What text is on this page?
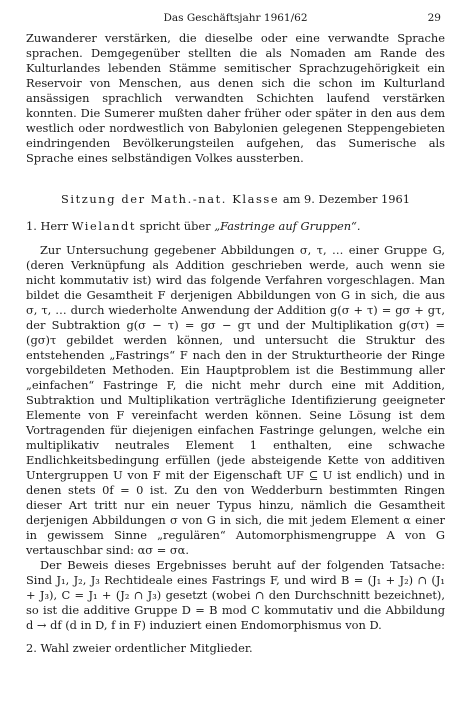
Das Geschäftsjahr 1961/62	29

Zuwanderer verstärken, die dieselbe oder eine verwandte Sprache sprachen. Demgegenüber stellten die als Nomaden am Rande des Kulturlandes lebenden Stämme semitischer Sprachzugehörigkeit ein Reservoir von Menschen, aus denen sich die schon im Kulturland ansässigen sprachlich verwandten Schichten laufend verstärken konnten. Die Sumerer mußten daher früher oder später in den aus dem westlich oder nordwestlich von Babylonien gelegenen Steppengebieten eindringenden Bevölkerungsteilen aufgehen, das Sumerische als Sprache eines selbständigen Volkes aussterben.

Sitzung der Math.-nat. Klasse am 9. Dezember 1961

1. Herr Wielandt spricht über „Fastringe auf Gruppen“.

Zur Untersuchung gegebener Abbildungen σ, τ, … einer Gruppe G, (deren Verknüpfung als Addition geschrieben werde, auch wenn sie nicht kommutativ ist) wird das folgende Verfahren vorgeschlagen. Man bildet die Gesamtheit F derjenigen Abbildungen von G in sich, die aus σ, τ, … durch wiederholte Anwendung der Addition g(σ + τ) = gσ + gτ, der Subtraktion g(σ − τ) = gσ − gτ und der Multiplikation g(στ) = (gσ)τ gebildet werden können, und untersucht die Struktur des entstehenden „Fastrings“ F nach den in der Strukturtheorie der Ringe vorgebildeten Methoden. Ein Hauptproblem ist die Bestimmung aller „einfachen“ Fastringe F, die nicht mehr durch eine mit Addition, Subtraktion und Multiplikation verträgliche Identifizierung geeigneter Elemente von F vereinfacht werden können. Seine Lösung ist dem Vortragenden für diejenigen einfachen Fastringe gelungen, welche ein multiplikativ neutrales Element 1 enthalten, eine schwache Endlichkeitsbedingung erfüllen (jede absteigende Kette von additiven Untergruppen U von F mit der Eigenschaft UF ⊆ U ist endlich) und in denen stets 0f = 0 ist. Zu den von Wedderburn bestimmten Ringen dieser Art tritt nur ein neuer Typus hinzu, nämlich die Gesamtheit derjenigen Abbildungen σ von G in sich, die mit jedem Element α einer in gewissem Sinne „regulären“ Automorphismengruppe A von G vertauschbar sind: ασ = σα.

Der Beweis dieses Ergebnisses beruht auf der folgenden Tatsache: Sind J₁, J₂, J₃ Rechtideale eines Fastrings F, und wird B = (J₁ + J₂) ∩ (J₁ + J₃), C = J₁ + (J₂ ∩ J₃) gesetzt (wobei ∩ den Durchschnitt bezeichnet), so ist die additive Gruppe D = B mod C kommutativ und die Abbildung d → df (d in D, f in F) induziert einen Endomorphismus von D.

2. Wahl zweier ordentlicher Mitglieder.
